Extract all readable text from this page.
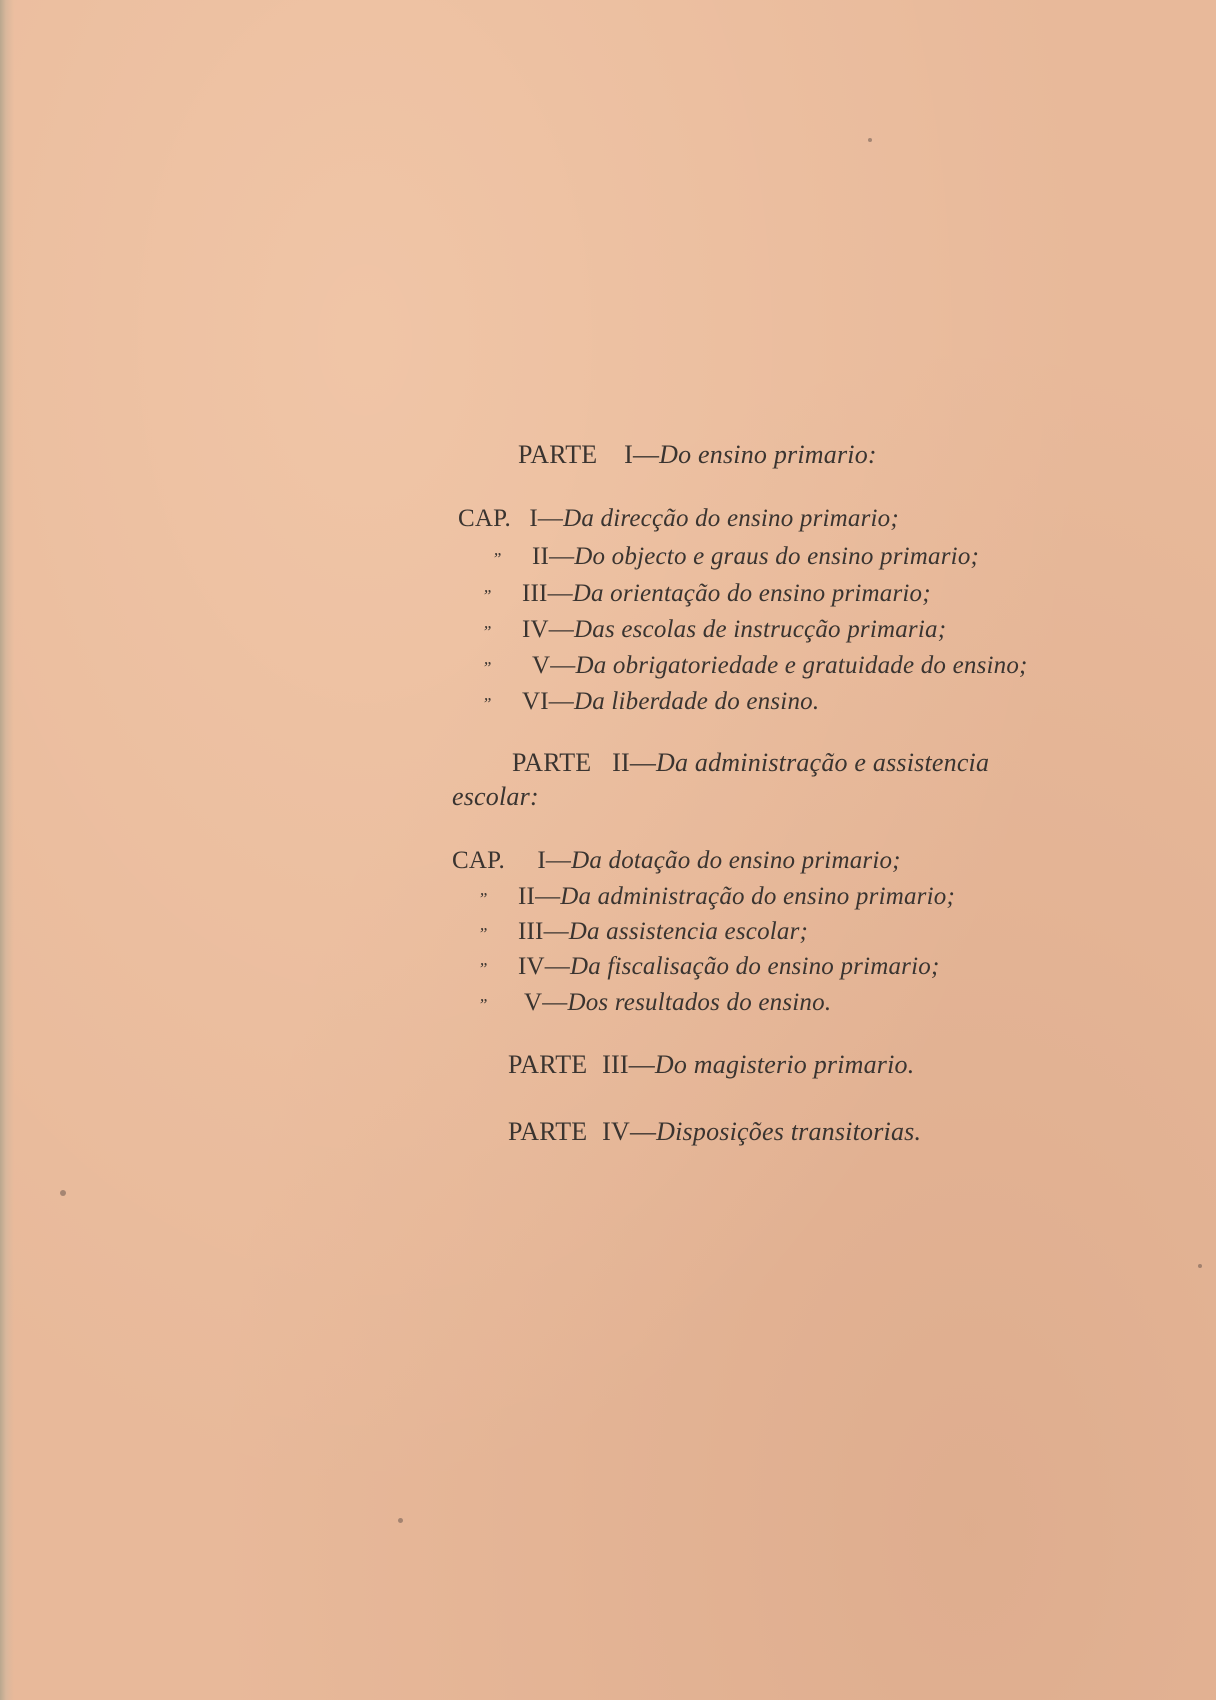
PARTE I—Do ensino primario:
CAP. I—Da direcção do ensino primario;
” II—Do objecto e graus do ensino primario;
” III—Da orientação do ensino primario;
” IV—Das escolas de instrucção primaria;
” V—Da obrigatoriedade e gratuidade do ensino;
” VI—Da liberdade do ensino.
PARTE II—Da administração e assistencia
escolar:
CAP. I—Da dotação do ensino primario;
” II—Da administração do ensino primario;
” III—Da assistencia escolar;
” IV—Da fiscalisação do ensino primario;
” V—Dos resultados do ensino.
PARTE III—Do magisterio primario.
PARTE IV—Disposições transitorias.
